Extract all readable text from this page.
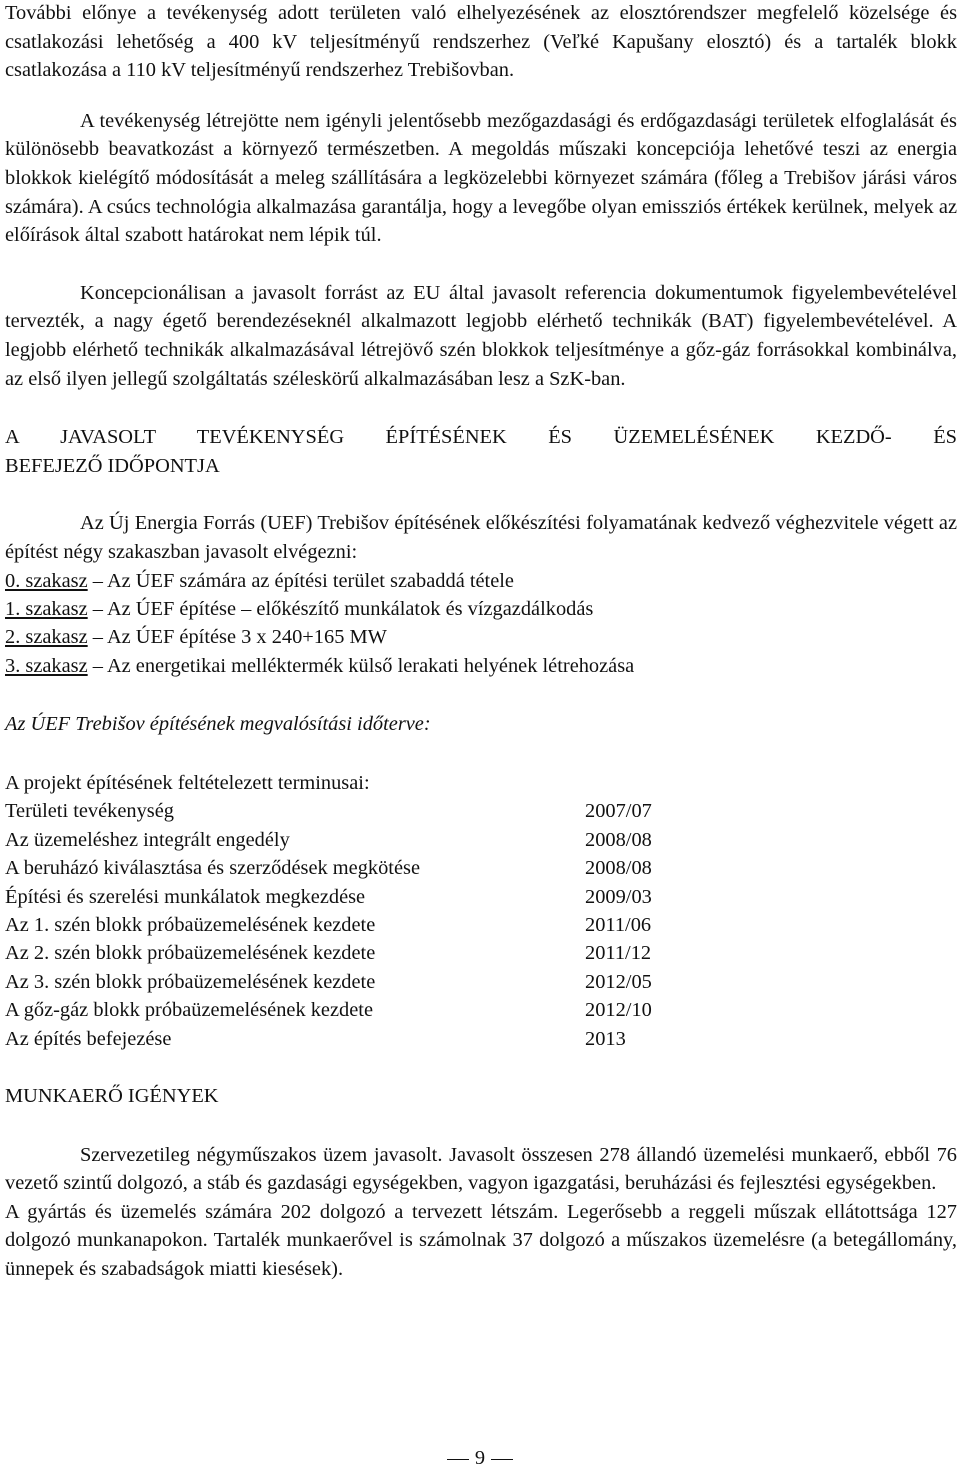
További előnye a tevékenység adott területen való elhelyezésének az elosztórendszer megfelelő közelsége és csatlakozási lehetőség a 400 kV teljesítményű rendszerhez (Veľké Kapušany elosztó) és a tartalék blokk csatlakozása a 110 kV teljesítményű rendszerhez Trebišovban.

A tevékenység létrejötte nem igényli jelentősebb mezőgazdasági és erdőgazdasági területek elfoglalását és különösebb beavatkozást a környező természetben. A megoldás műszaki koncepciója lehetővé teszi az energia blokkok kielégítő módosítását a meleg szállítására a legközelebbi környezet számára (főleg a Trebišov járási város számára). A csúcs technológia alkalmazása garantálja, hogy a levegőbe olyan emissziós értékek kerülnek, melyek az előírások által szabott határokat nem lépik túl.

Koncepcionálisan a javasolt forrást az EU által javasolt referencia dokumentumok figyelembevételével tervezték, a nagy égető berendezéseknél alkalmazott legjobb elérhető technikák (BAT) figyelembevételével. A legjobb elérhető technikák alkalmazásával létrejövő szén blokkok teljesítménye a gőz-gáz forrásokkal kombinálva, az első ilyen jellegű szolgáltatás széleskörű alkalmazásában lesz a SzK-ban.

A JAVASOLT TEVÉKENYSÉG ÉPÍTÉSÉNEK ÉS ÜZEMELÉSÉNEK KEZDŐ- ÉS
BEFEJEZŐ IDŐPONTJA

Az Új Energia Forrás (UEF) Trebišov építésének előkészítési folyamatának kedvező véghezvitele végett az építést négy szakaszban javasolt elvégezni:

0. szakasz – Az ÚEF számára az építési terület szabaddá tétele
1. szakasz – Az ÚEF építése – előkészítő munkálatok és vízgazdálkodás
2. szakasz – Az ÚEF építése 3 x 240+165 MW
3. szakasz – Az energetikai melléktermék külső lerakati helyének létrehozása
Az ÚEF Trebišov építésének megvalósítási időterve:
A projekt építésének feltételezett terminusai:
Területi tevékenység	2007/07
Az üzemeléshez integrált engedély	2008/08
A beruházó kiválasztása és szerződések megkötése	2008/08
Építési és szerelési munkálatok megkezdése	2009/03
Az 1. szén blokk próbaüzemelésének kezdete	2011/06
Az 2. szén blokk próbaüzemelésének kezdete	2011/12
Az 3. szén blokk próbaüzemelésének kezdete	2012/05
A gőz-gáz blokk próbaüzemelésének kezdete	2012/10
Az építés befejezése	2013
MUNKAERŐ IGÉNYEK

Szervezetileg négyműszakos üzem javasolt. Javasolt összesen 278 állandó üzemelési munkaerő, ebből 76 vezető szintű dolgozó, a stáb és gazdasági egységekben, vagyon igazgatási, beruházási és fejlesztési egységekben.

A gyártás és üzemelés számára 202 dolgozó a tervezett létszám. Legerősebb a reggeli műszak ellátottsága 127 dolgozó munkanapokon. Tartalék munkaerővel is számolnak 37 dolgozó a műszakos üzemelésre (a betegállomány, ünnepek és szabadságok miatti kiesések).

9
